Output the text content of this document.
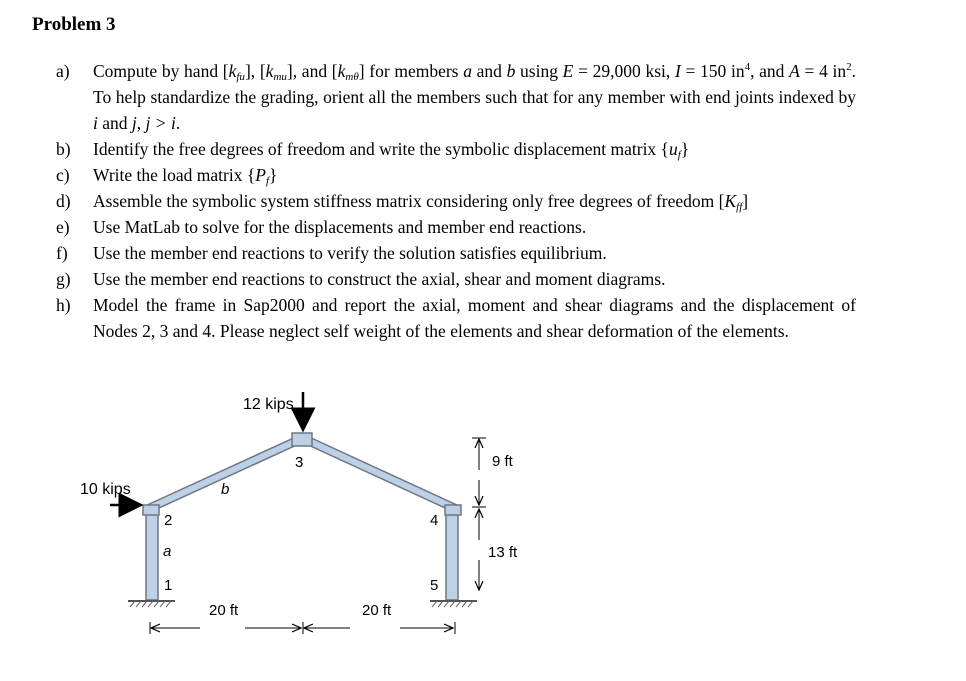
Problem 3
a) Compute by hand $[k_{fu}]$, $[k_{mu}]$, and $[k_{m\theta}]$ for members a and b using E = 29,000 ksi, I = 150 $in^4$, and A = 4 $in^2$. To help standardize the grading, orient all the members such that for any member with end joints indexed by i and j, j > i.
b) Identify the free degrees of freedom and write the symbolic displacement matrix $\{u_f\}$
c) Write the load matrix $\{P_f\}$
d) Assemble the symbolic system stiffness matrix considering only free degrees of freedom $[K_{ff}]$
e) Use MatLab to solve for the displacements and member end reactions.
f) Use the member end reactions to verify the solution satisfies equilibrium.
g) Use the member end reactions to construct the axial, shear and moment diagrams.
h) Model the frame in Sap2000 and report the axial, moment and shear diagrams and the displacement of Nodes 2, 3 and 4. Please neglect self weight of the elements and shear deformation of the elements.
12 kips
10 kips	b
a
2
1
3
4
5
9 ft
13 ft
20 ft	20 ft
